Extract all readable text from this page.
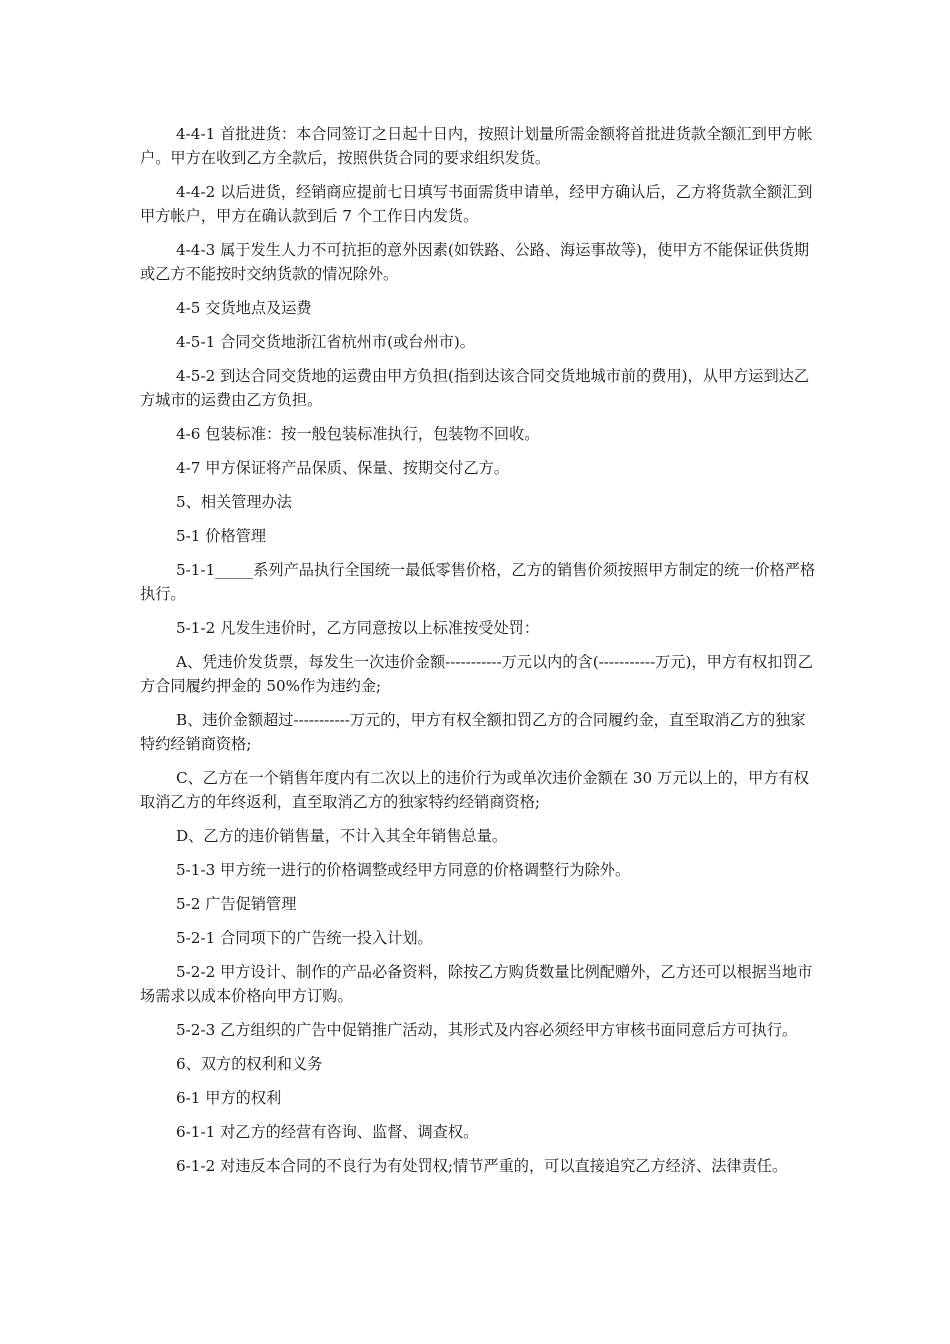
4-4-1 首批进货：本合同签订之日起十日内，按照计划量所需金额将首批进货款全额汇到甲方帐户。甲方在收到乙方全款后，按照供货合同的要求组织发货。

4-4-2 以后进货，经销商应提前七日填写书面需货申请单，经甲方确认后，乙方将货款全额汇到甲方帐户，甲方在确认款到后 7 个工作日内发货。

4-4-3 属于发生人力不可抗拒的意外因素(如铁路、公路、海运事故等)，使甲方不能保证供货期或乙方不能按时交纳货款的情况除外。

4-5 交货地点及运费

4-5-1 合同交货地浙江省杭州市(或台州市)。

4-5-2 到达合同交货地的运费由甲方负担(指到达该合同交货地城市前的费用)，从甲方运到达乙方城市的运费由乙方负担。

4-6 包装标准：按一般包装标准执行，包装物不回收。

4-7 甲方保证将产品保质、保量、按期交付乙方。

5、相关管理办法

5-1 价格管理

5-1-1_____系列产品执行全国统一最低零售价格，乙方的销售价须按照甲方制定的统一价格严格执行。

5-1-2 凡发生违价时，乙方同意按以上标准按受处罚：

A、凭违价发货票，每发生一次违价金额-----------万元以内的含(-----------万元)，甲方有权扣罚乙方合同履约押金的 50%作为违约金;

B、违价金额超过-----------万元的，甲方有权全额扣罚乙方的合同履约金，直至取消乙方的独家特约经销商资格;

C、乙方在一个销售年度内有二次以上的违价行为或单次违价金额在 30 万元以上的，甲方有权取消乙方的年终返利，直至取消乙方的独家特约经销商资格;

D、乙方的违价销售量，不计入其全年销售总量。

5-1-3 甲方统一进行的价格调整或经甲方同意的价格调整行为除外。

5-2 广告促销管理

5-2-1 合同项下的广告统一投入计划。

5-2-2 甲方设计、制作的产品必备资料，除按乙方购货数量比例配赠外，乙方还可以根据当地市场需求以成本价格向甲方订购。

5-2-3 乙方组织的广告中促销推广活动，其形式及内容必须经甲方审核书面同意后方可执行。

6、双方的权利和义务

6-1 甲方的权利

6-1-1 对乙方的经营有咨询、监督、调查权。

6-1-2 对违反本合同的不良行为有处罚权;情节严重的，可以直接追究乙方经济、法律责任。
